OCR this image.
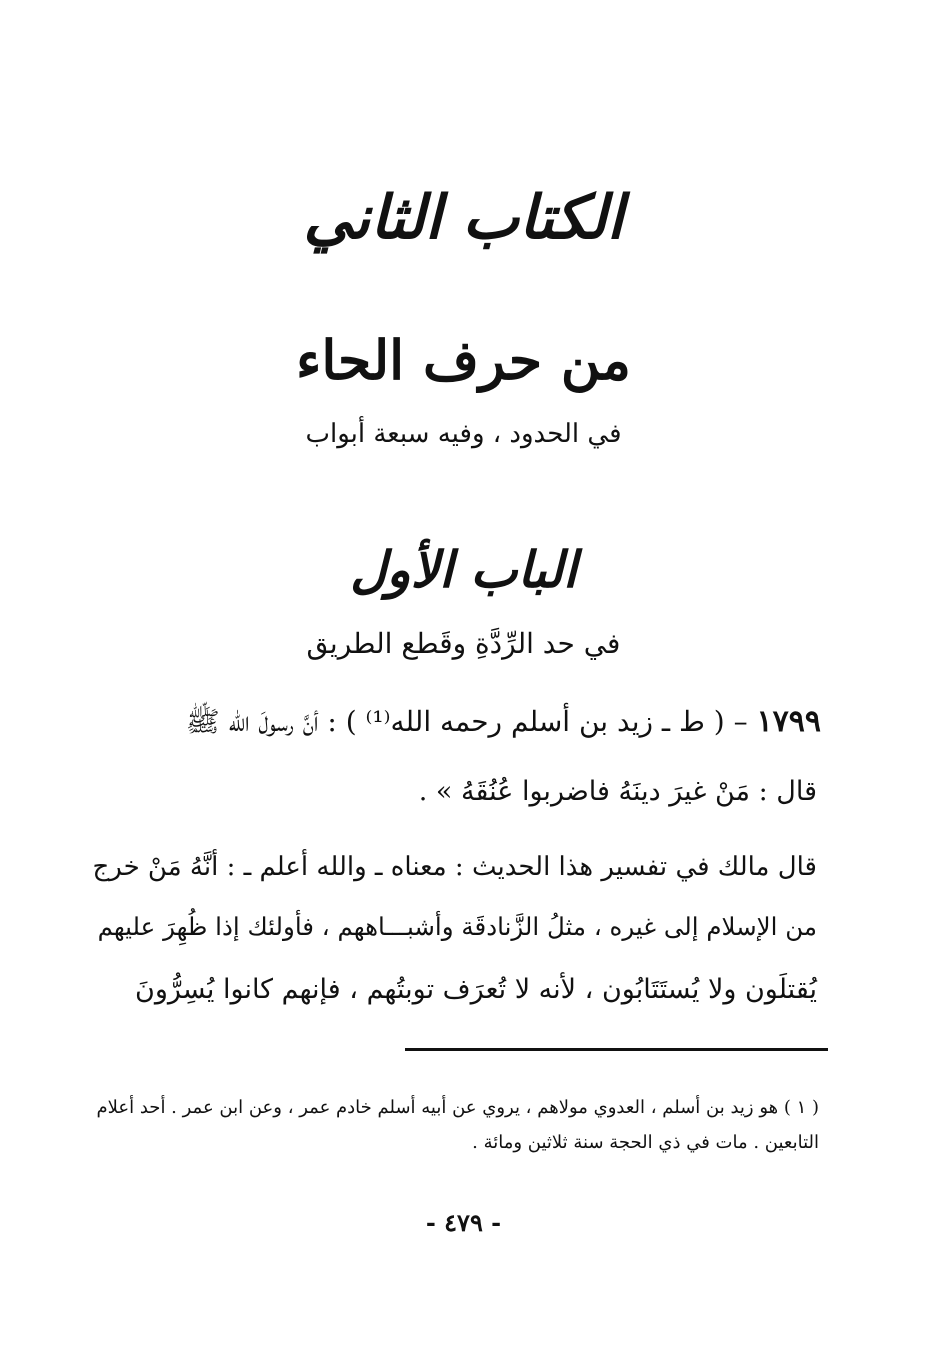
الكتاب الثاني
من حرف الحاء
في الحدود ، وفيه سبعة أبواب
الباب الأول
في حد الرِّدَّةِ وقَطع الطريق
١٧٩٩ – ( ط ـ زيد بن أسلم رحمه الله⁽¹⁾ ) : أنَّ رسولَ الله ﷺ
قال : مَنْ غيرَ دينَهُ فاضربوا عُنُقَهُ » .
قال مالك في تفسير هذا الحديث : معناه ـ والله أعلم ـ : أنَّهُ مَنْ خرج
من الإسلام إلى غيره ، مثلُ الزَّنادقَة وأشبـــاههم ، فأولئك إذا ظُهِرَ عليهم
يُقتلَون ولا يُستَتَابُون ، لأنه لا تُعرَف توبتُهم ، فإنهم كانوا يُسِرُّونَ
( ١ ) هو زيد بن أسلم ، العدوي مولاهم ، يروي عن أبيه أسلم خادم عمر ، وعن ابن عمر . أحد أعلام
التابعين . مات في ذي الحجة سنة ثلاثين ومائة .
- ٤٧٩ -
